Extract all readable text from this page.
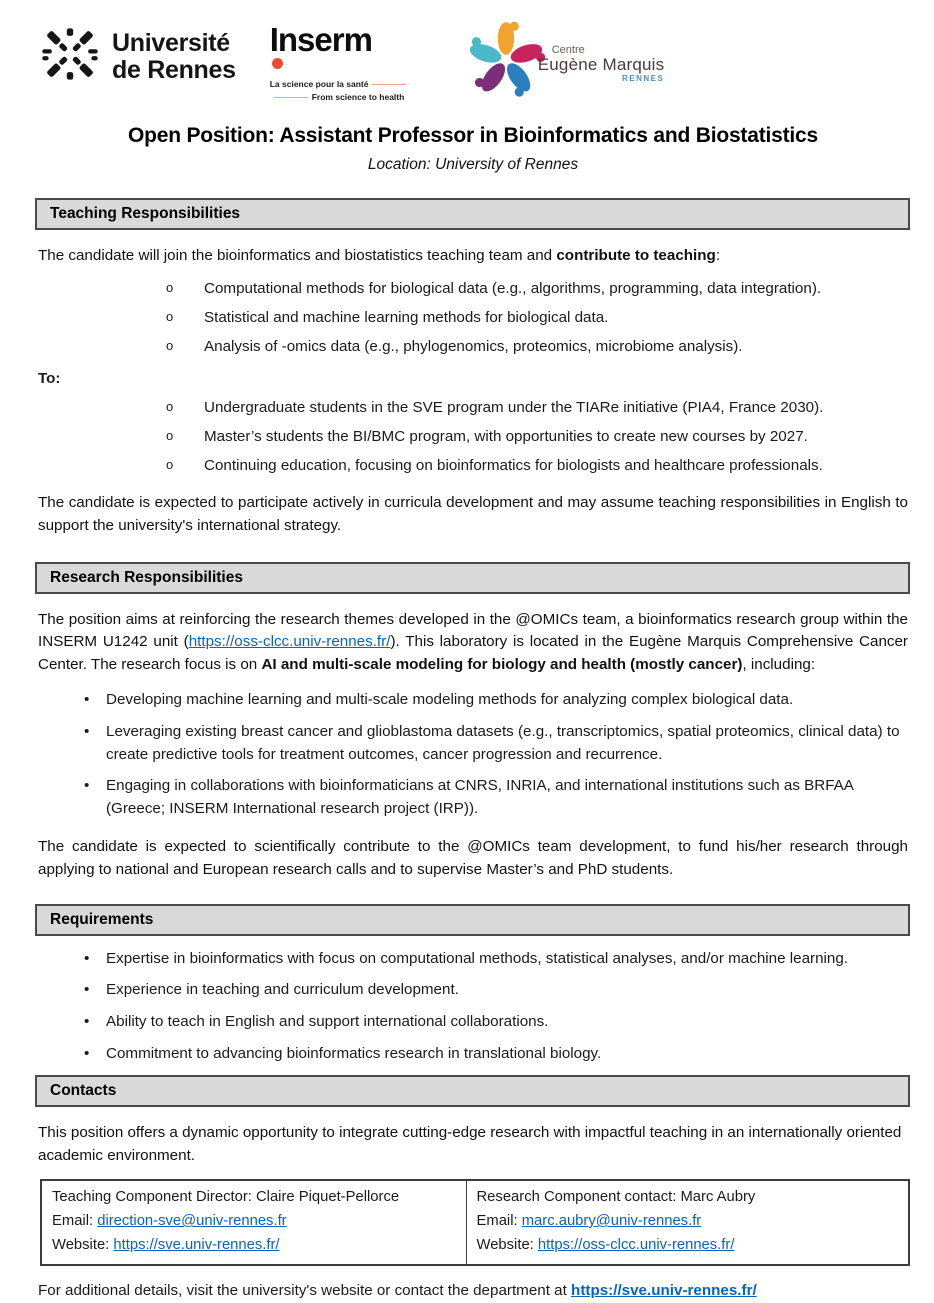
Université
de Rennes
Inserm
La science pour la santé
From science to health
Centre
Eugène Marquis
RENNES
Open Position: Assistant Professor in Bioinformatics and Biostatistics
Location: University of Rennes
Teaching Responsibilities

The candidate will join the bioinformatics and biostatistics teaching team and contribute to teaching:

o
Computational methods for biological data (e.g., algorithms, programming, data integration).
o
Statistical and machine learning methods for biological data.
o
Analysis of -omics data (e.g., phylogenomics, proteomics, microbiome analysis).
To:
o
Undergraduate students in the SVE program under the TIARe initiative (PIA4, France 2030).
o
Master’s students the BI/BMC program, with opportunities to create new courses by 2027.
o
Continuing education, focusing on bioinformatics for biologists and healthcare professionals.

The candidate is expected to participate actively in curricula development and may assume teaching responsibilities in English to support the university's international strategy.

Research Responsibilities

The position aims at reinforcing the research themes developed in the @OMICs team, a bioinformatics research group within the INSERM U1242 unit (https://oss-clcc.univ-rennes.fr/). This laboratory is located in the Eugène Marquis Comprehensive Cancer Center. The research focus is on AI and multi-scale modeling for biology and health (mostly cancer), including:

•
Developing machine learning and multi-scale modeling methods for analyzing complex biological data.
•
Leveraging existing breast cancer and glioblastoma datasets (e.g., transcriptomics, spatial proteomics, clinical data) to create predictive tools for treatment outcomes, cancer progression and recurrence.
•
Engaging in collaborations with bioinformaticians at CNRS, INRIA, and international institutions such as BRFAA (Greece; INSERM International research project (IRP)).

The candidate is expected to scientifically contribute to the @OMICs team development, to fund his/her research through applying to national and European research calls and to supervise Master’s and PhD students.

Requirements
•
Expertise in bioinformatics with focus on computational methods, statistical analyses, and/or machine learning.
•
Experience in teaching and curriculum development.
•
Ability to teach in English and support international collaborations.
•
Commitment to advancing bioinformatics research in translational biology.
Contacts

This position offers a dynamic opportunity to integrate cutting-edge research with impactful teaching in an internationally oriented academic environment.

Teaching Component Director: Claire Piquet-Pellorce
Email: direction-sve@univ-rennes.fr
Website: https://sve.univ-rennes.fr/
Research Component contact: Marc Aubry
Email: marc.aubry@univ-rennes.fr
Website: https://oss-clcc.univ-rennes.fr/
For additional details, visit the university's website or contact the department at https://sve.univ-rennes.fr/
